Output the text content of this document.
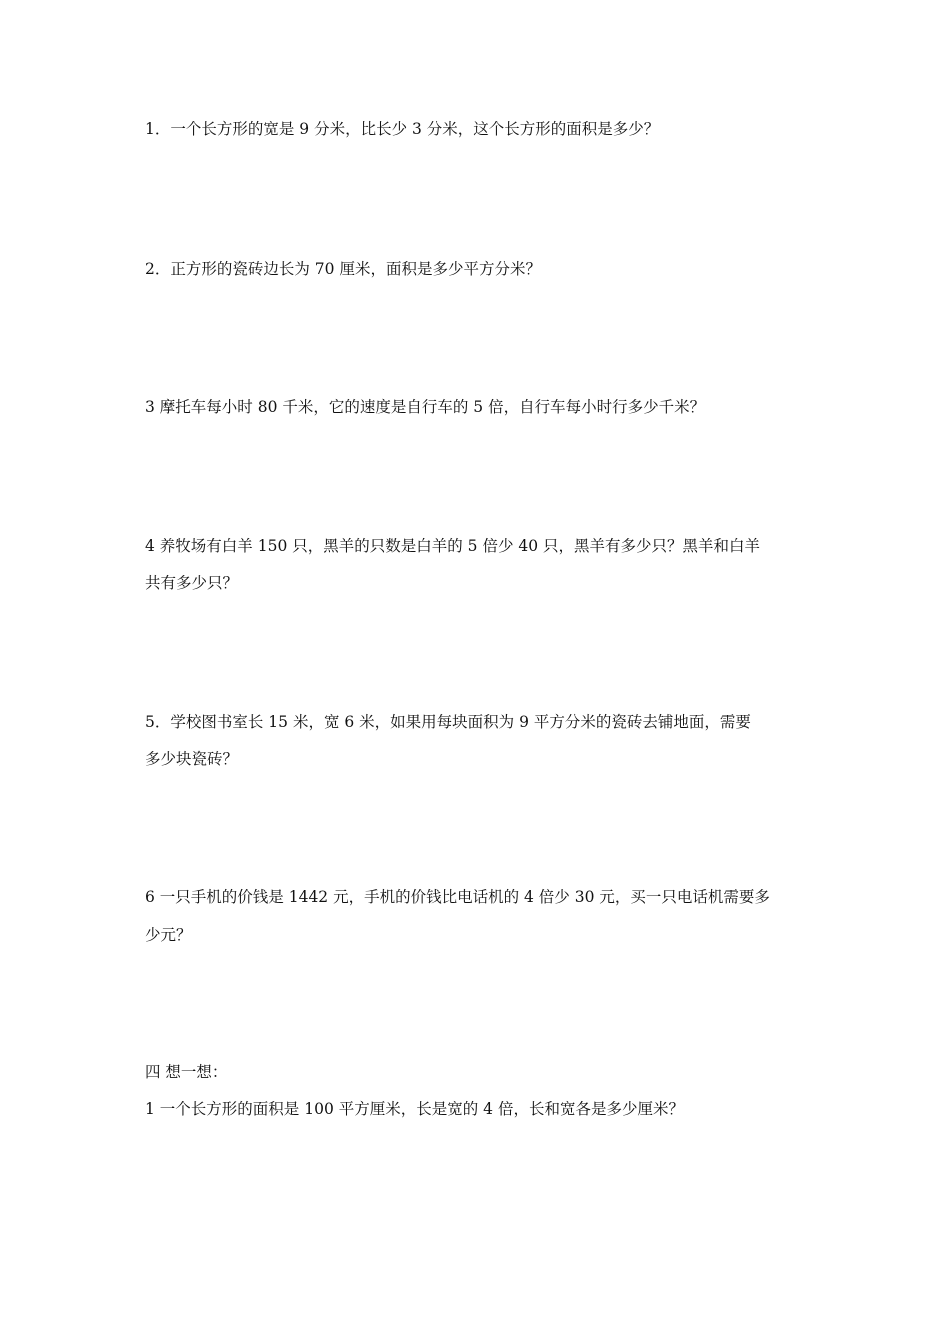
1．一个长方形的宽是 9 分米，比长少 3 分米，这个长方形的面积是多少？
2．正方形的瓷砖边长为 70 厘米，面积是多少平方分米？
3 摩托车每小时 80 千米，它的速度是自行车的 5 倍，自行车每小时行多少千米？
4 养牧场有白羊 150 只，黑羊的只数是白羊的 5 倍少 40 只，黑羊有多少只？黑羊和白羊
共有多少只？
5．学校图书室长 15 米，宽 6 米，如果用每块面积为 9 平方分米的瓷砖去铺地面，需要
多少块瓷砖？
6 一只手机的价钱是 1442 元，手机的价钱比电话机的 4 倍少 30 元，买一只电话机需要多
少元？
四 想一想：
1 一个长方形的面积是 100 平方厘米，长是宽的 4 倍，长和宽各是多少厘米？
